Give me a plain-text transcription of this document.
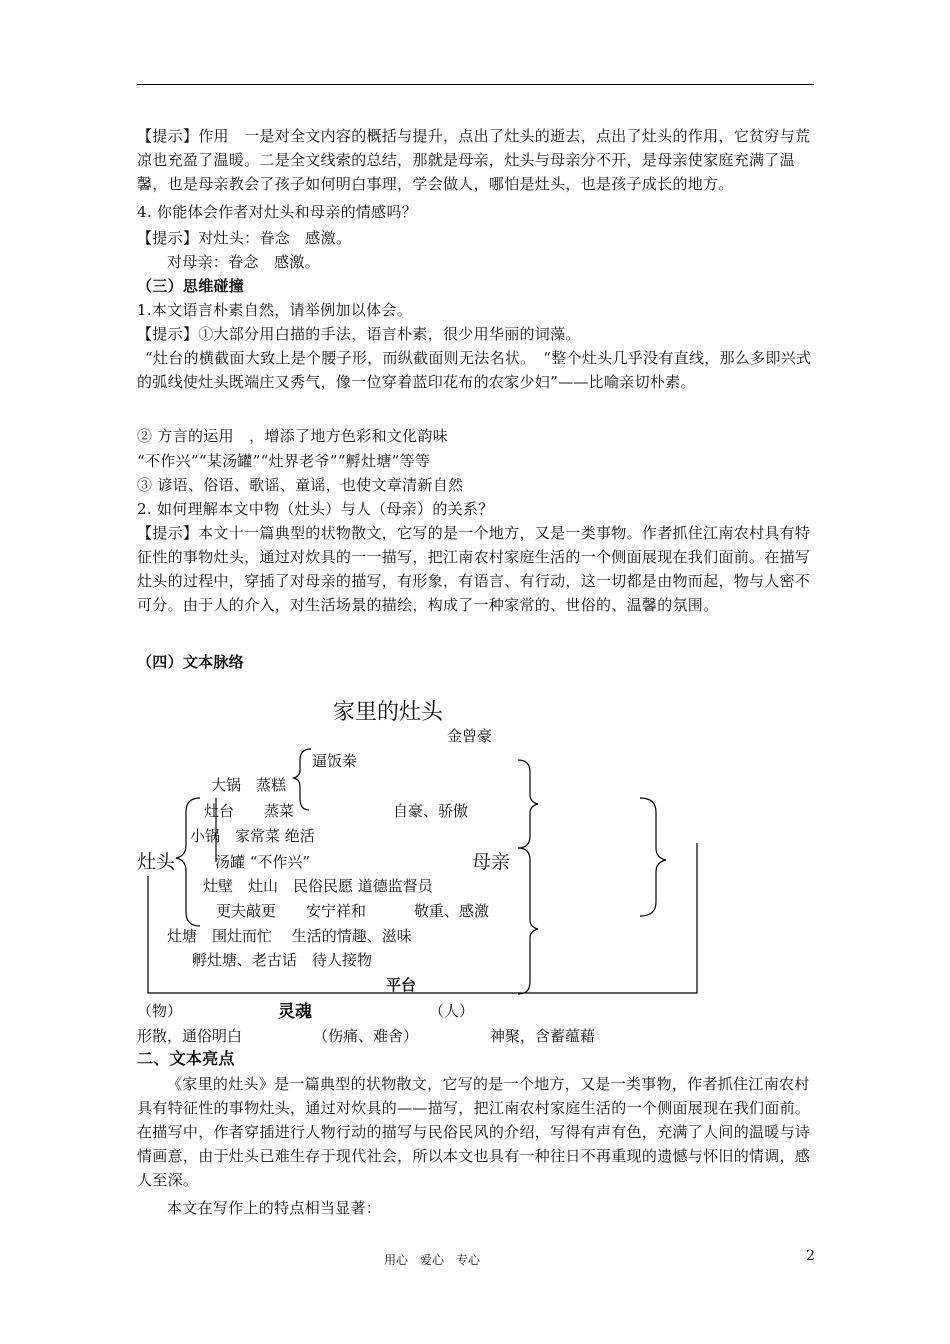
【提示】作用　一是对全文内容的概括与提升，点出了灶头的逝去，点出了灶头的作用，它贫穷与荒凉也充盈了温暖。二是全文线索的总结，那就是母亲，灶头与母亲分不开，是母亲使家庭充满了温馨，也是母亲教会了孩子如何明白事理，学会做人，哪怕是灶头，也是孩子成长的地方。

4. 你能体会作者对灶头和母亲的情感吗？

【提示】对灶头：眷念　感激。

对母亲：眷念　感激。

（三）思维碰撞

1.本文语言朴素自然，请举例加以体会。

【提示】①大部分用白描的手法，语言朴素，很少用华丽的词藻。

“灶台的横截面大致上是个腰子形，而纵截面则无法名状。　“整个灶头几乎没有直线，那么多即兴式的弧线使灶头既端庄又秀气，像一位穿着蓝印花布的农家少妇”——比喻亲切朴素。

② 方言的运用　，增添了地方色彩和文化韵味

“不作兴”“某汤罐”“灶界老爷”“孵灶塘”等等

③ 谚语、俗语、歌谣、童谣，也使文章清新自然

2. 如何理解本文中物（灶头）与人（母亲）的关系？

【提示】本文十一篇典型的状物散文，它写的是一个地方，又是一类事物。作者抓住江南农村具有特征性的事物灶头，通过对炊具的一一描写，把江南农村家庭生活的一个侧面展现在我们面前。在描写灶头的过程中，穿插了对母亲的描写，有形象，有语言、有行动，这一切都是由物而起，物与人密不可分。由于人的介入，对生活场景的描绘，构成了一种家常的、世俗的、温馨的氛围。

（四）文本脉络

家里的灶头
金曾豪
逼饭桊
大锅　蒸糕
灶台　　蒸菜	自豪、骄傲
小锅　家常菜 绝活
汤罐 “不作兴”
灶壁　灶山　民俗民愿 道德监督员
更夫敲更　　安宁祥和	敬重、感激
灶塘　围灶而忙　 生活的情趣、滋味
孵灶塘、老古话　待人接物
灶头	母亲
平台
（物）	灵魂	（人）
形散，通俗明白	（伤痛、难舍）	神聚，含蓄蕴藉

二、文本亮点

《家里的灶头》是一篇典型的状物散文，它写的是一个地方，又是一类事物，作者抓住江南农村具有特征性的事物灶头，通过对炊具的——描写，把江南农村家庭生活的一个侧面展现在我们面前。在描写中，作者穿插进行人物行动的描写与民俗民风的介绍，写得有声有色，充满了人间的温暖与诗情画意，由于灶头已难生存于现代社会，所以本文也具有一种往日不再重现的遗憾与怀旧的情调，感人至深。

本文在写作上的特点相当显著：

用心　爱心　专心	2
